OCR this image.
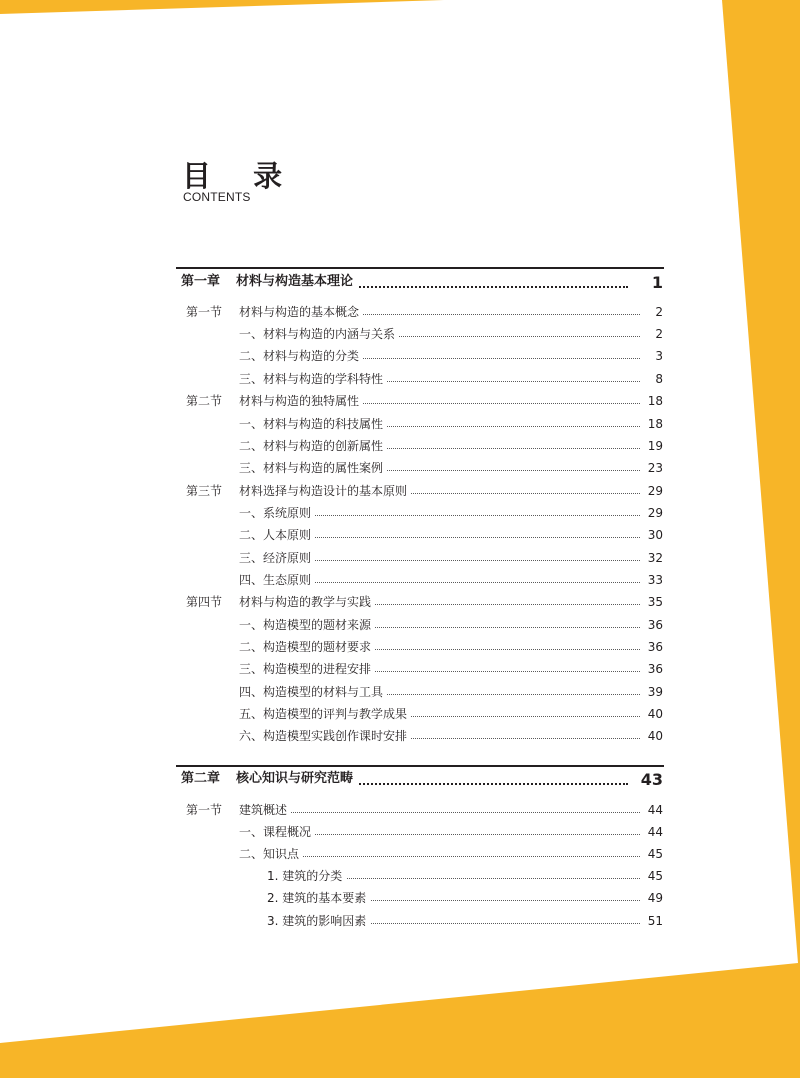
目 录
CONTENTS
第一章 材料与构造基本理论	1
第一节 材料与构造的基本概念	2
一、材料与构造的内涵与关系	2
二、材料与构造的分类	3
三、材料与构造的学科特性	8
第二节 材料与构造的独特属性	18
一、材料与构造的科技属性	18
二、材料与构造的创新属性	19
三、材料与构造的属性案例	23
第三节 材料选择与构造设计的基本原则	29
一、系统原则	29
二、人本原则	30
三、经济原则	32
四、生态原则	33
第四节 材料与构造的教学与实践	35
一、构造模型的题材来源	36
二、构造模型的题材要求	36
三、构造模型的进程安排	36
四、构造模型的材料与工具	39
五、构造模型的评判与教学成果	40
六、构造模型实践创作课时安排	40
第二章 核心知识与研究范畴	43
第一节 建筑概述	44
一、课程概况	44
二、知识点	45
1. 建筑的分类	45
2. 建筑的基本要素	49
3. 建筑的影响因素	51
